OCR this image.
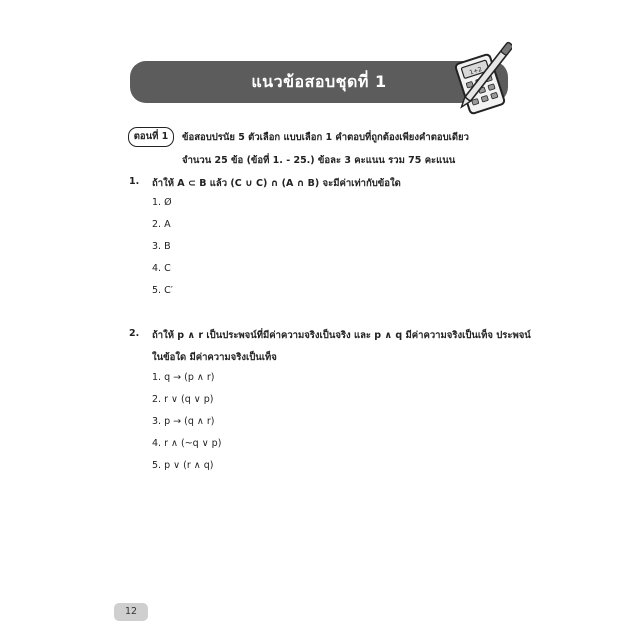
แนวข้อสอบชุดที่ 1
1+2
ตอนที่ 1	ข้อสอบปรนัย 5 ตัวเลือก แบบเลือก 1 คำตอบที่ถูกต้องเพียงคำตอบเดียว
จำนวน 25 ข้อ (ข้อที่ 1. - 25.) ข้อละ 3 คะแนน รวม 75 คะแนน
1. ถ้าให้ A ⊂ B แล้ว (C ∪ C) ∩ (A ∩ B) จะมีค่าเท่ากับข้อใด
1. Ø
2. A
3. B
4. C
5. C′
2. ถ้าให้ p ∧ r เป็นประพจน์ที่มีค่าความจริงเป็นจริง และ p ∧ q มีค่าความจริงเป็นเท็จ ประพจน์
ในข้อใด มีค่าความจริงเป็นเท็จ
1. q → (p ∧ r)
2. r ∨ (q ∨ p)
3. p → (q ∧ r)
4. r ∧ (~q ∨ p)
5. p ∨ (r ∧ q)
12
